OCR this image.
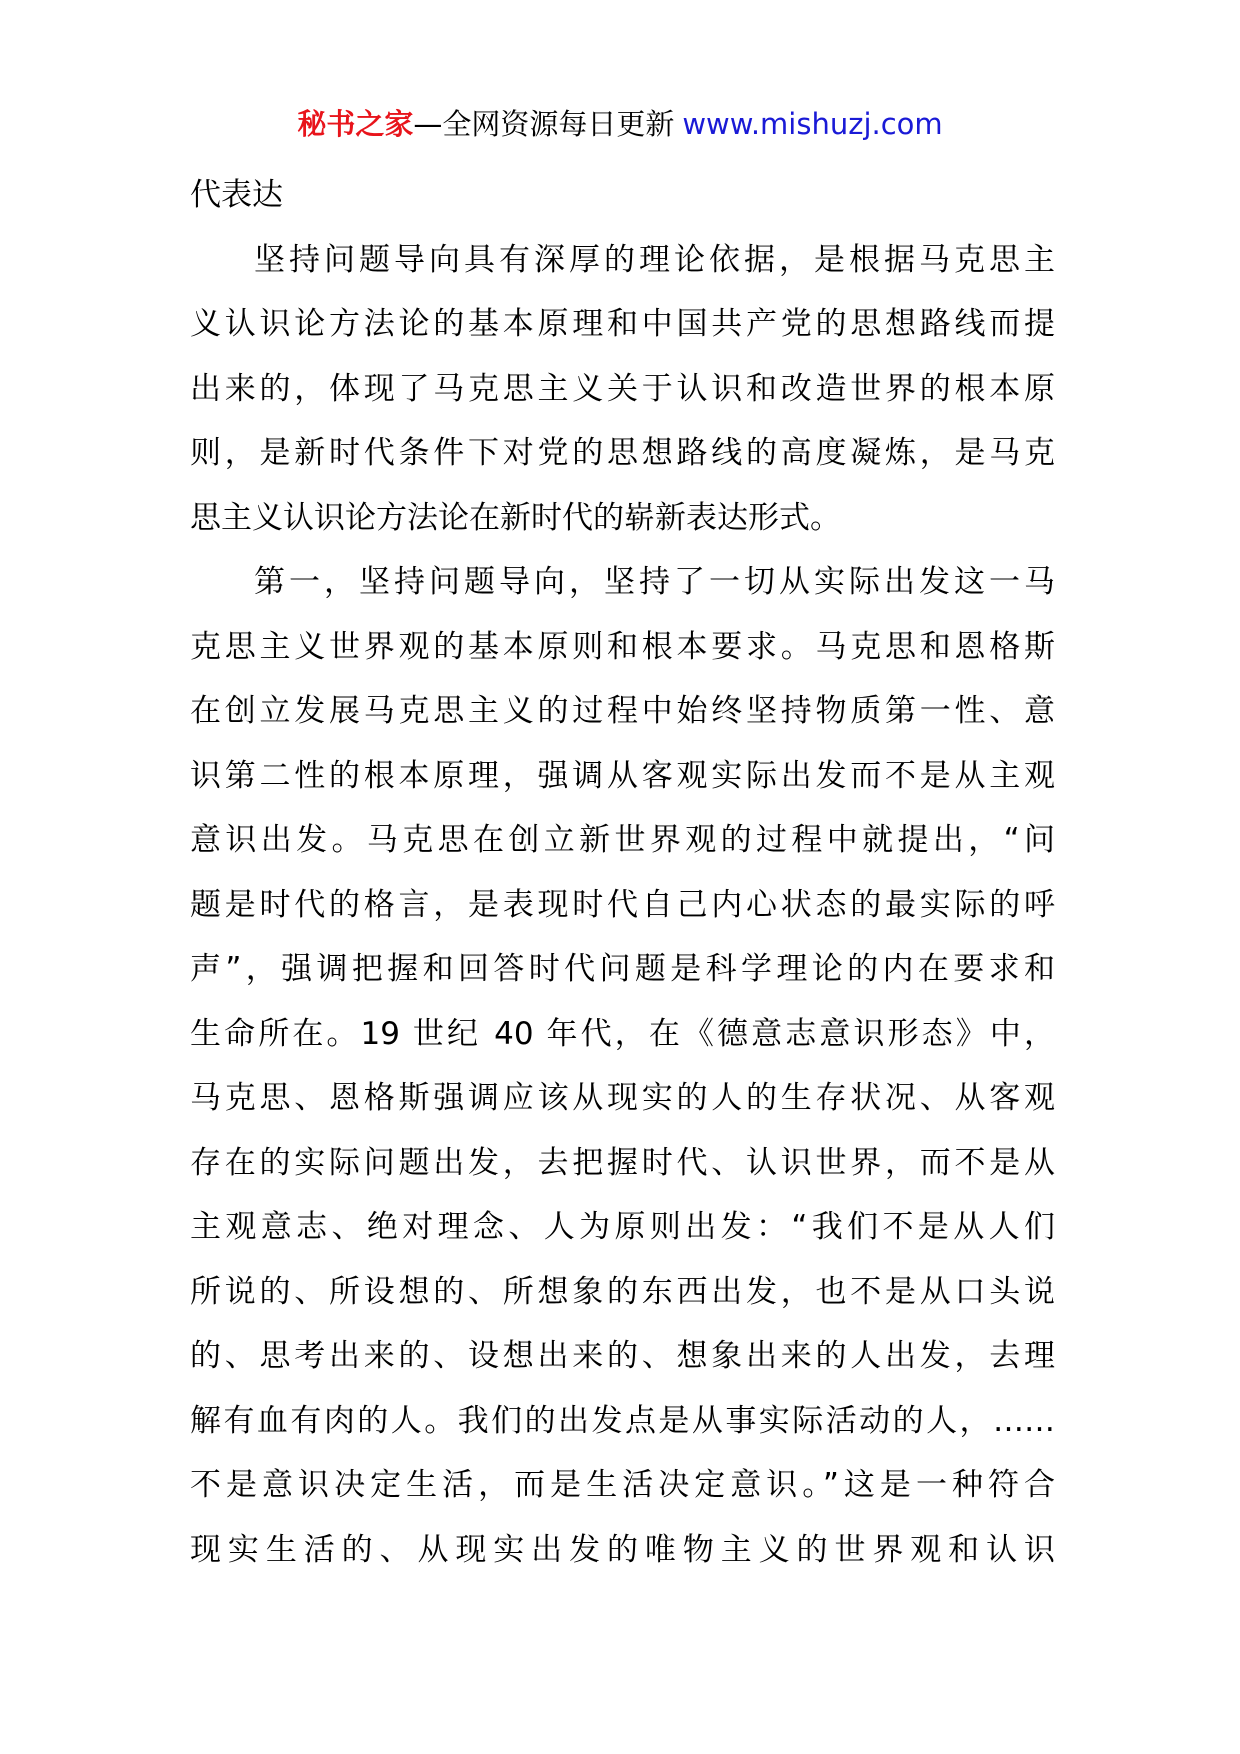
秘书之家—全网资源每日更新 www.mishuzj.com
代表达
坚持问题导向具有深厚的理论依据，是根据马克思主
义认识论方法论的基本原理和中国共产党的思想路线而提
出来的，体现了马克思主义关于认识和改造世界的根本原
则，是新时代条件下对党的思想路线的高度凝炼，是马克
思主义认识论方法论在新时代的崭新表达形式。
第一，坚持问题导向，坚持了一切从实际出发这一马
克思主义世界观的基本原则和根本要求。马克思和恩格斯
在创立发展马克思主义的过程中始终坚持物质第一性、意
识第二性的根本原理，强调从客观实际出发而不是从主观
意识出发。马克思在创立新世界观的过程中就提出，“问
题是时代的格言，是表现时代自己内心状态的最实际的呼
声”，强调把握和回答时代问题是科学理论的内在要求和
生命所在。19 世纪 40 年代，在《德意志意识形态》中，
马克思、恩格斯强调应该从现实的人的生存状况、从客观
存在的实际问题出发，去把握时代、认识世界，而不是从
主观意志、绝对理念、人为原则出发：“我们不是从人们
所说的、所设想的、所想象的东西出发，也不是从口头说
的、思考出来的、设想出来的、想象出来的人出发，去理
解有血有肉的人。我们的出发点是从事实际活动的人，……
不是意识决定生活，而是生活决定意识。”这是一种符合
现实生活的、从现实出发的唯物主义的世界观和认识
